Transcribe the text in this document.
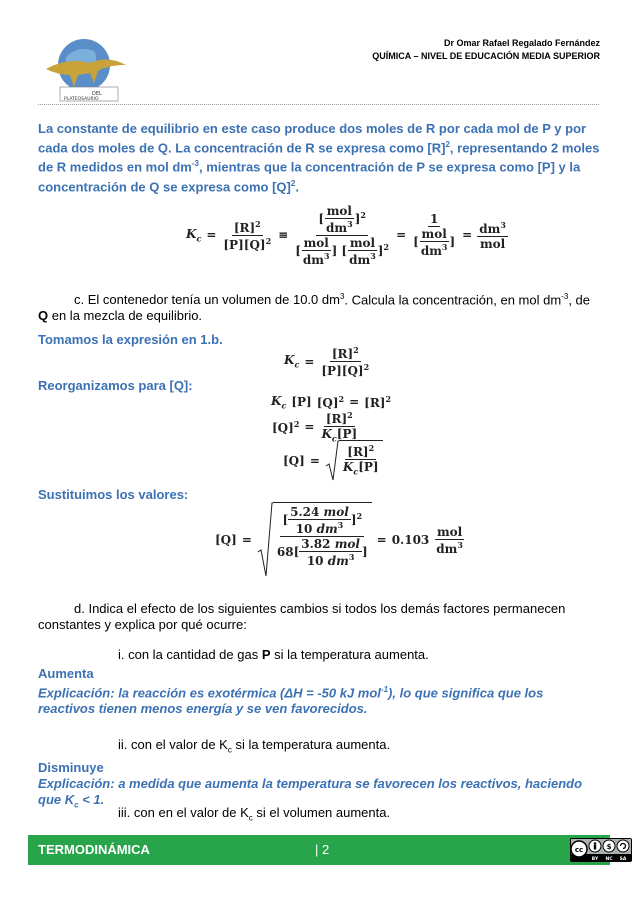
DEL
PLATEOSAURIO
Dr Omar Rafael Regalado Fernández
QUÍMICA – NIVEL DE EDUCACIÓN MEDIA SUPERIOR
La constante de equilibrio en este caso produce dos moles de R por cada mol de P y por cada dos moles de Q. La concentración de R se expresa como $[R]^2$, representando 2 moles de R medidos en mol $dm^{-3}$, mientras que la concentración de P se expresa como [P] y la concentración de Q se expresa como $[Q]^2$.
$K_c = \frac{[R]^2}{[P][Q]^2} \equiv \frac{[ \frac{\text{mol}}{dm^3} ]^2}{[ \frac{\text{mol}}{dm^3} ] [ \frac{\text{mol}}{dm^3} ]^2} = \frac{1}{[ \frac{\text{mol}}{dm^3} ]} = \frac{dm^3}{\text{mol}}$
c. El contenedor tenía un volumen de 10.0 $dm^3$. Calcula la concentración, en mol $dm^{-3}$, de
Q en la mezcla de equilibrio.
Tomamos la expresión en 1.b.
$K_c = \frac{[R]^2}{[P][Q]^2}$
Reorganizamos para [Q]:
$K_c$ [P] $[Q]^2 = [R]^2$
$[Q]^2 = \frac{[R]^2}{K_c[P]}$
$[Q] = \frac{[R]^2}{K_c[P]}$
Sustituimos los valores:
$[Q] = \frac{[ \frac{\text{5.24 mol}}{10 dm^3} ]^2}{68[ \frac{\text{3.82 mol}}{10 dm^3} ]} = 0.103 \frac{\text{mol}}{dm^3}$
d. Indica el efecto de los siguientes cambios si todos los demás factores permanecen constantes y explica por qué ocurre:
i. con la cantidad de gas P si la temperatura aumenta.
Aumenta
Explicación: la reacción es exotérmica (ΔH = -50 kJ mol$^{-1}$), lo que significa que los reactivos tienen menos energía y se ven favorecidos.
ii. con el valor de $K_c$ si la temperatura aumenta.
Disminuye
Explicación: a medida que aumenta la temperatura se favorecen los reactivos, haciendo que $K_c < 1$.
iii. con en el valor de $K_c$ si el volumen aumenta.
TERMODINÁMICA	| 2	cc	$
BY NC SA
